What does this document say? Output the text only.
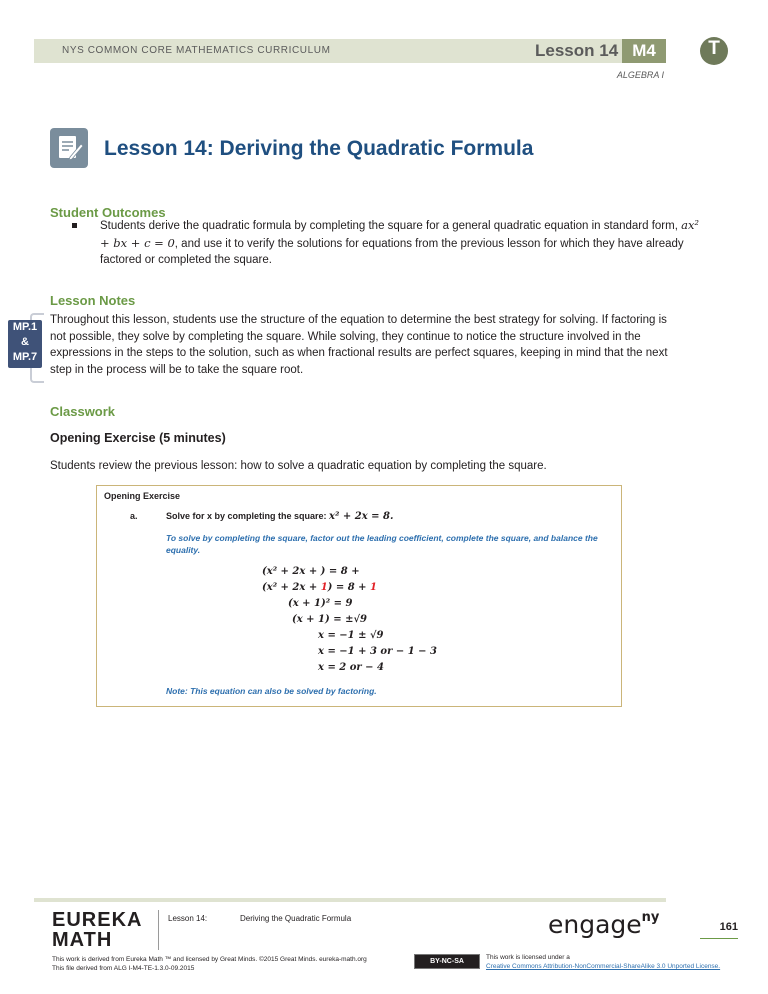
NYS COMMON CORE MATHEMATICS CURRICULUM	Lesson 14 M4	T
ALGEBRA I
Lesson 14: Deriving the Quadratic Formula
Student Outcomes
Students derive the quadratic formula by completing the square for a general quadratic equation in standard form, ax² + bx + c = 0, and use it to verify the solutions for equations from the previous lesson for which they have already factored or completed the square.
Lesson Notes
MP.1
&
MP.7
Throughout this lesson, students use the structure of the equation to determine the best strategy for solving. If factoring is not possible, they solve by completing the square. While solving, they continue to notice the structure involved in the expressions in the steps to the solution, such as when fractional results are perfect squares, keeping in mind that the next step in the process will be to take the square root.
Classwork
Opening Exercise (5 minutes)
Students review the previous lesson: how to solve a quadratic equation by completing the square.
Opening Exercise
a.	Solve for x by completing the square: x² + 2x = 8.
To solve by completing the square, factor out the leading coefficient, complete the square, and balance the equality.
(x² + 2x + ) = 8 +
(x² + 2x + 1) = 8 + 1
(x + 1)² = 9
(x + 1) = ±√9
x = −1 ± √9
x = −1 + 3 or − 1 − 3
x = 2 or − 4
Note: This equation can also be solved by factoring.
EUREKA
MATH
Lesson 14:	Deriving the Quadratic Formula
This work is derived from Eureka Math ™ and licensed by Great Minds. ©2015 Great Minds. eureka-math.org
This file derived from ALG I-M4-TE-1.3.0-09.2015
engage$^{ny}$
161
BY-NC-SA
This work is licensed under a
Creative Commons Attribution-NonCommercial-ShareAlike 3.0 Unported License.
